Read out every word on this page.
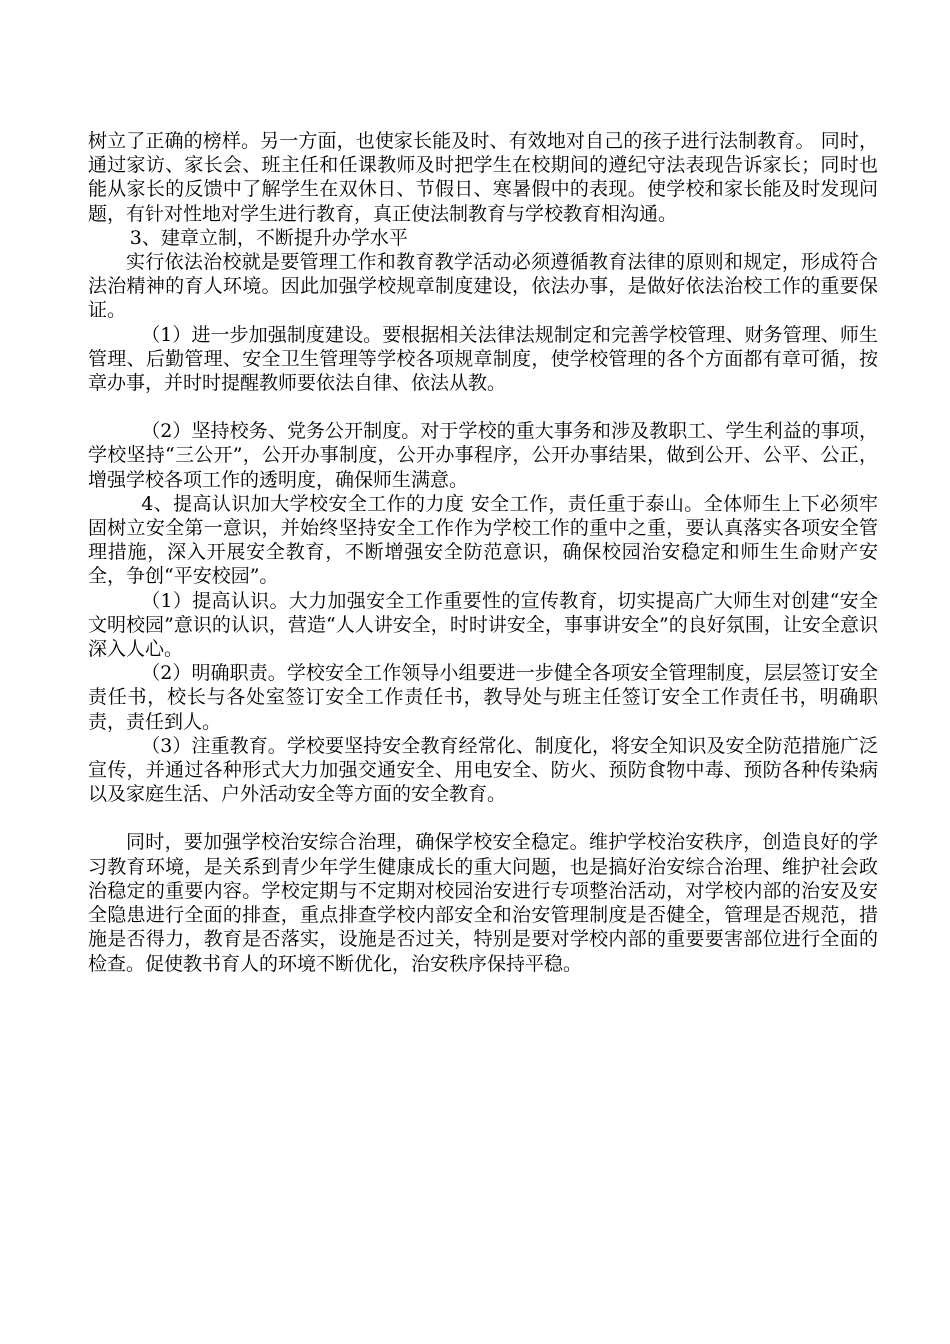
树立了正确的榜样。另一方面，也使家长能及时、有效地对自己的孩子进行法制教育。 同时，通过家访、家长会、班主任和任课教师及时把学生在校期间的遵纪守法表现告诉家长；同时也能从家长的反馈中了解学生在双休日、节假日、寒暑假中的表现。使学校和家长能及时发现问题，有针对性地对学生进行教育，真正使法制教育与学校教育相沟通。

3、建章立制，不断提升办学水平

实行依法治校就是要管理工作和教育教学活动必须遵循教育法律的原则和规定，形成符合法治精神的育人环境。因此加强学校规章制度建设，依法办事，是做好依法治校工作的重要保证。

（1）进一步加强制度建设。要根据相关法律法规制定和完善学校管理、财务管理、师生管理、后勤管理、安全卫生管理等学校各项规章制度，使学校管理的各个方面都有章可循，按章办事，并时时提醒教师要依法自律、依法从教。

（2）坚持校务、党务公开制度。对于学校的重大事务和涉及教职工、学生利益的事项，学校坚持“三公开”，公开办事制度，公开办事程序，公开办事结果，做到公开、公平、公正，增强学校各项工作的透明度，确保师生满意。

4、提高认识加大学校安全工作的力度 安全工作，责任重于泰山。全体师生上下必须牢固树立安全第一意识，并始终坚持安全工作作为学校工作的重中之重，要认真落实各项安全管理措施，深入开展安全教育，不断增强安全防范意识，确保校园治安稳定和师生生命财产安全，争创“平安校园”。

（1）提高认识。大力加强安全工作重要性的宣传教育，切实提高广大师生对创建“安全文明校园”意识的认识，营造“人人讲安全，时时讲安全，事事讲安全”的良好氛围，让安全意识深入人心。

（2）明确职责。学校安全工作领导小组要进一步健全各项安全管理制度，层层签订安全责任书，校长与各处室签订安全工作责任书，教导处与班主任签订安全工作责任书，明确职责，责任到人。

（3）注重教育。学校要坚持安全教育经常化、制度化，将安全知识及安全防范措施广泛宣传，并通过各种形式大力加强交通安全、用电安全、防火、预防食物中毒、预防各种传染病以及家庭生活、户外活动安全等方面的安全教育。

同时，要加强学校治安综合治理，确保学校安全稳定。维护学校治安秩序，创造良好的学习教育环境，是关系到青少年学生健康成长的重大问题，也是搞好治安综合治理、维护社会政治稳定的重要内容。学校定期与不定期对校园治安进行专项整治活动，对学校内部的治安及安全隐患进行全面的排查，重点排查学校内部安全和治安管理制度是否健全，管理是否规范，措施是否得力，教育是否落实，设施是否过关，特别是要对学校内部的重要要害部位进行全面的检查。促使教书育人的环境不断优化，治安秩序保持平稳。
